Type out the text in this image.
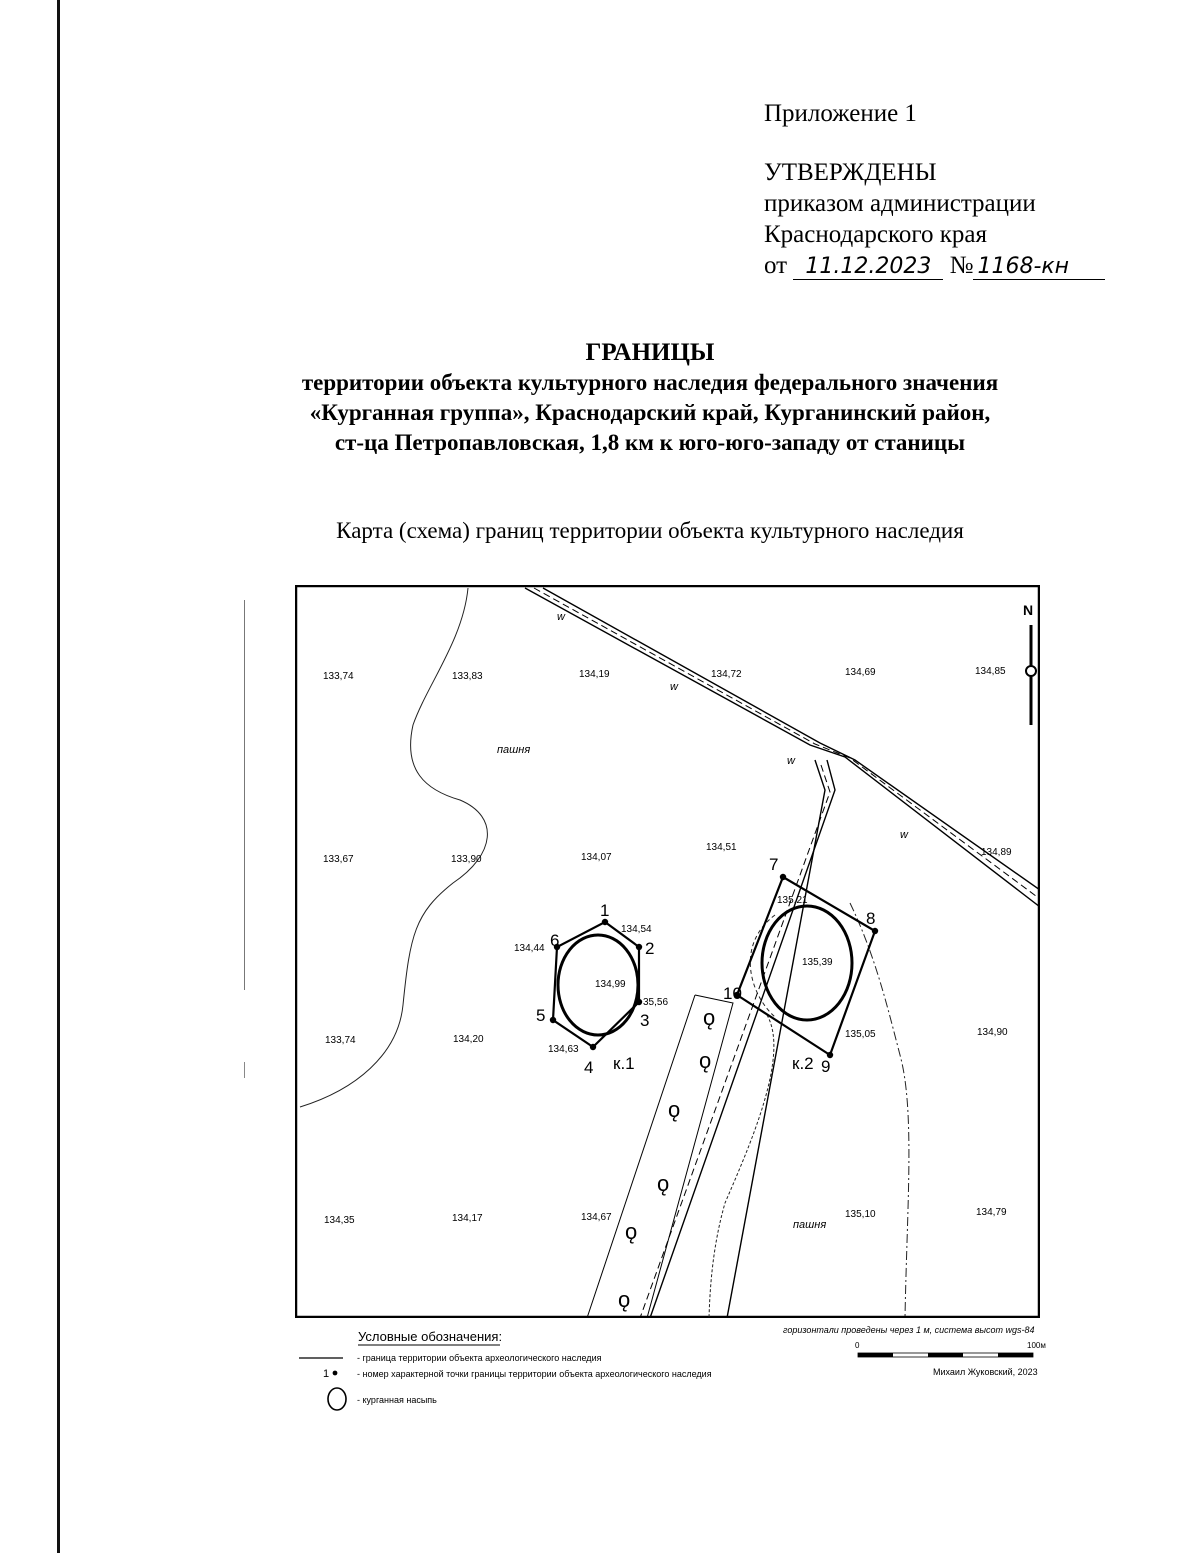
Приложение 1
УТВЕРЖДЕНЫ
приказом администрации
Краснодарского края
от 11.12.2023 № 1168-кн
ГРАНИЦЫ
территории объекта культурного наследия федерального значения
«Курганная группа», Краснодарский край, Курганинский район,
ст-ца Петропавловская, 1,8 км к юго-юго-западу от станицы
Карта (схема) границ территории объекта культурного наследия
ǫ
ǫ
ǫ
ǫ
ǫ
ǫ
N
w
w
w
w
пашня
пашня
к.1	к.2
1
2
3
4
5
6
7
8
9
10
133,74	133,83	134,19	134,72	134,69	134,85
133,67	133,90	134,07
134,51	134,89
133,74	134,20
134,90
135,05
134,35	134,17	134,67	135,10	134,79
134,54
134,44
134,99
35,56
134,63
135,21
135,39
Условные обозначения:
- граница территории объекта археологического наследия
1	- номер характерной точки границы территории объекта археологического наследия
- курганная насыпь
горизонтали проведены через 1 м, система высот wgs-84
0	100м
Михаил Жуковский, 2023
